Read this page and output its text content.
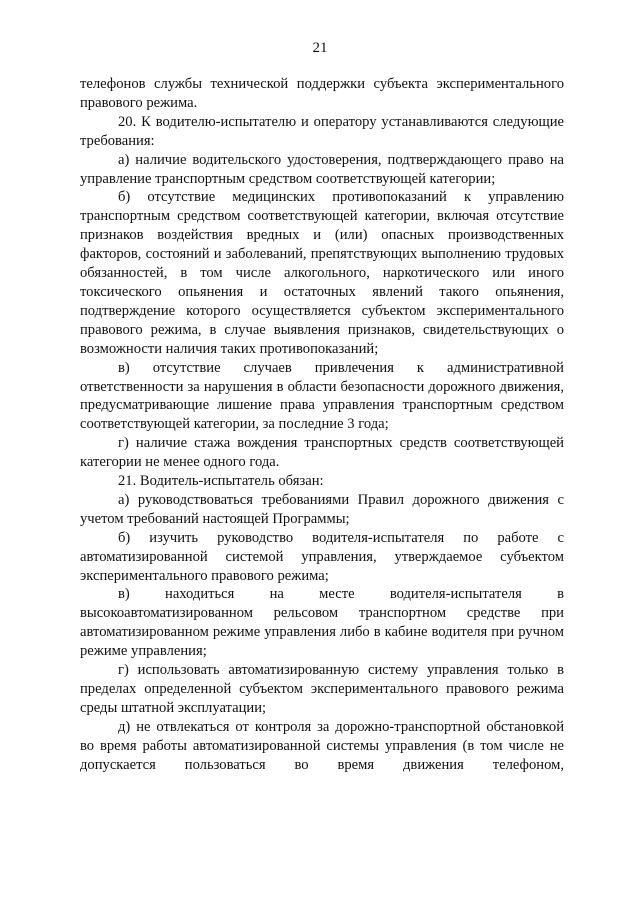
21

телефонов службы технической поддержки субъекта экспериментального правового режима.

20. К водителю-испытателю и оператору устанавливаются следующие требования:

а) наличие водительского удостоверения, подтверждающего право на управление транспортным средством соответствующей категории;

б) отсутствие медицинских противопоказаний к управлению транспортным средством соответствующей категории, включая отсутствие признаков воздействия вредных и (или) опасных производственных факторов, состояний и заболеваний, препятствующих выполнению трудовых обязанностей, в том числе алкогольного, наркотического или иного токсического опьянения и остаточных явлений такого опьянения, подтверждение которого осуществляется субъектом экспериментального правового режима, в случае выявления признаков, свидетельствующих о возможности наличия таких противопоказаний;

в) отсутствие случаев привлечения к административной ответственности за нарушения в области безопасности дорожного движения, предусматривающие лишение права управления транспортным средством соответствующей категории, за последние 3 года;

г) наличие стажа вождения транспортных средств соответствующей категории не менее одного года.

21. Водитель-испытатель обязан:

а) руководствоваться требованиями Правил дорожного движения с учетом требований настоящей Программы;

б) изучить руководство водителя-испытателя по работе с автоматизированной системой управления, утверждаемое субъектом экспериментального правового режима;

в) находиться на месте водителя-испытателя в высокоавтоматизированном рельсовом транспортном средстве при автоматизированном режиме управления либо в кабине водителя при ручном режиме управления;

г) использовать автоматизированную систему управления только в пределах определенной субъектом экспериментального правового режима среды штатной эксплуатации;

д) не отвлекаться от контроля за дорожно-транспортной обстановкой во время работы автоматизированной системы управления (в том числе не допускается пользоваться во время движения телефоном,
